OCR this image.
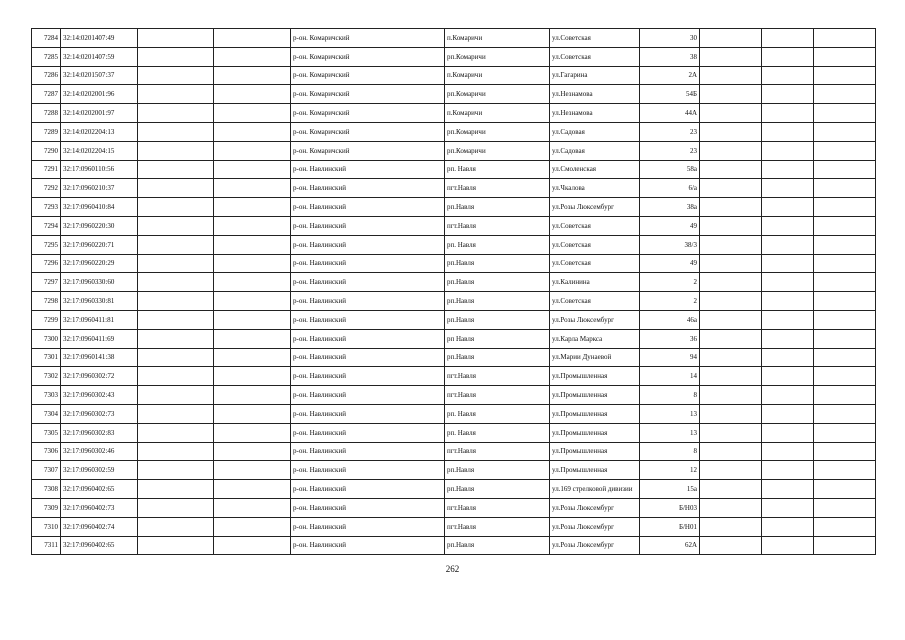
7284	32:14:0201407:49			р-он. Комаричский	п.Комаричи	ул.Советская	30			
7285	32:14:0201407:59			р-он. Комаричский	рп.Комаричи	ул.Советская	38			
7286	32:14:0201507:37			р-он. Комаричский	п.Комаричи	ул.Гагарина	2А			
7287	32:14:0202001:96			р-он. Комаричский	рп.Комаричи	ул.Незнамова	54Б			
7288	32:14:0202001:97			р-он. Комаричский	п.Комаричи	ул.Незнамова	44А			
7289	32:14:0202204:13			р-он. Комаричский	рп.Комаричи	ул.Садовая	23			
7290	32:14:0202204:15			р-он. Комаричский	рп.Комаричи	ул.Садовая	23			
7291	32:17:0960110:56			р-он. Навлинский	рп. Навля	ул.Смоленская	58а			
7292	32:17:0960210:37			р-он. Навлинский	пгт.Навля	ул.Чкалова	6/а			
7293	32:17:0960410:84			р-он. Навлинский	рп.Навля	ул.Розы Люксембург	38а			
7294	32:17:0960220:30			р-он. Навлинский	пгт.Навля	ул.Советская	49			
7295	32:17:0960220:71			р-он. Навлинский	рп. Навля	ул.Советская	38/3			
7296	32:17:0960220:29			р-он. Навлинский	рп.Навля	ул.Советская	49			
7297	32:17:0960330:60			р-он. Навлинский	рп.Навля	ул.Калинина	2			
7298	32:17:0960330:81			р-он. Навлинский	рп.Навля	ул.Советская	2			
7299	32:17:0960411:81			р-он. Навлинский	рп.Навля	ул.Розы Люксембург	46а			
7300	32:17:0960411:69			р-он. Навлинский	рп Навля	ул.Карла Маркса	36			
7301	32:17:0960141:38			р-он. Навлинский	рп.Навля	ул.Марии Дунаевой	94			
7302	32:17:0960302:72			р-он. Навлинский	пгт.Навля	ул.Промышленная	14			
7303	32:17:0960302:43			р-он. Навлинский	пгт.Навля	ул.Промышленная	8			
7304	32:17:0960302:73			р-он. Навлинский	рп. Навля	ул.Промышленная	13			
7305	32:17:0960302:83			р-он. Навлинский	рп. Навля	ул.Промышленная	13			
7306	32:17:0960302:46			р-он. Навлинский	пгт.Навля	ул.Промышленная	8			
7307	32:17:0960302:59			р-он. Навлинский	рп.Навля	ул.Промышленная	12			
7308	32:17:0960402:65			р-он. Навлинский	рп.Навля	ул.169 стрелковой дивизии	15а			
7309	32:17:0960402:73			р-он. Навлинский	пгт.Навля	ул.Розы Люксембург	Б/Н03			
7310	32:17:0960402:74			р-он. Навлинский	пгт.Навля	ул.Розы Люксембург	Б/Н01			
7311	32:17:0960402:65			р-он. Навлинский	рп.Навля	ул.Розы Люксембург	62А			
262
